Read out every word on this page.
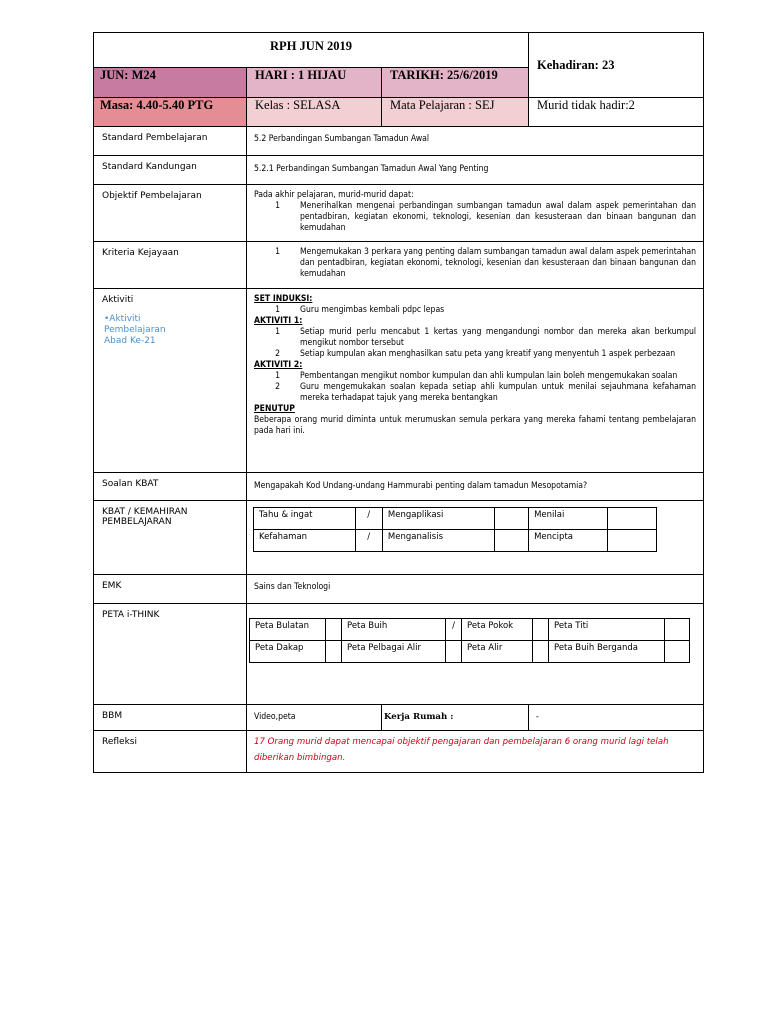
RPH JUN 2019	Kehadiran: 23
JUN: M24	HARI : 1 HIJAU	TARIKH: 25/6/2019
Masa: 4.40-5.40 PTG	Kelas : SELASA	Mata Pelajaran : SEJ	Murid tidak hadir:2
Standard Pembelajaran	5.2 Perbandingan Sumbangan Tamadun Awal
Standard Kandungan	5.2.1 Perbandingan Sumbangan Tamadun Awal Yang Penting
Objektif Pembelajaran	Pada akhir pelajaran, murid-murid dapat:
1	Menerihalkan mengenai perbandingan sumbangan tamadun awal dalam aspek pemerintahan dan pentadbiran, kegiatan ekonomi, teknologi, kesenian dan kesusteraan dan binaan bangunan dan kemudahan

Kriteria Kejayaan	1	Mengemukakan 3 perkara yang penting dalam sumbangan tamadun awal dalam aspek pemerintahan dan pentadbiran, kegiatan ekonomi, teknologi, kesenian dan kesusteraan dan binaan bangunan dan kemudahan

Aktiviti
•Aktiviti Pembelajaran Abad Ke-21

SET INDUKSI:
1	Guru mengimbas kembali pdpc lepas
AKTIVITI 1:
1	Setiap murid perlu mencabut 1 kertas yang mengandungi nombor dan mereka akan berkumpul mengikut nombor tersebut
2	Setiap kumpulan akan menghasilkan satu peta yang kreatif yang menyentuh 1 aspek perbezaan
AKTIVITI 2:
1	Pembentangan mengikut nombor kumpulan dan ahli kumpulan lain boleh mengemukakan soalan
2	Guru mengemukakan soalan kepada setiap ahli kumpulan untuk menilai sejauhmana kefahaman mereka terhadapat tajuk yang mereka bentangkan
PENUTUP
Beberapa orang murid diminta untuk merumuskan semula perkara yang mereka fahami tentang pembelajaran pada hari ini.

Soalan KBAT	Mengapakah Kod Undang-undang Hammurabi penting dalam tamadun Mesopotamia?
KBAT / KEMAHIRAN PEMBELAJARAN	
Tahu & ingat	/	Mengaplikasi		Menilai	
Kefahaman	/	Menganalisis		Mencipta	

EMK	Sains dan Teknologi
PETA i-THINK	
Peta Bulatan		Peta Buih	/	Peta Pokok		Peta Titi	
Peta Dakap		Peta Pelbagai Alir		Peta Alir		Peta Buih Berganda	

BBM	Video,peta	Kerja Rumah :	-
Refleksi	17 Orang murid dapat mencapai objektif pengajaran dan pembelajaran 6 orang murid lagi telah diberikan bimbingan.
